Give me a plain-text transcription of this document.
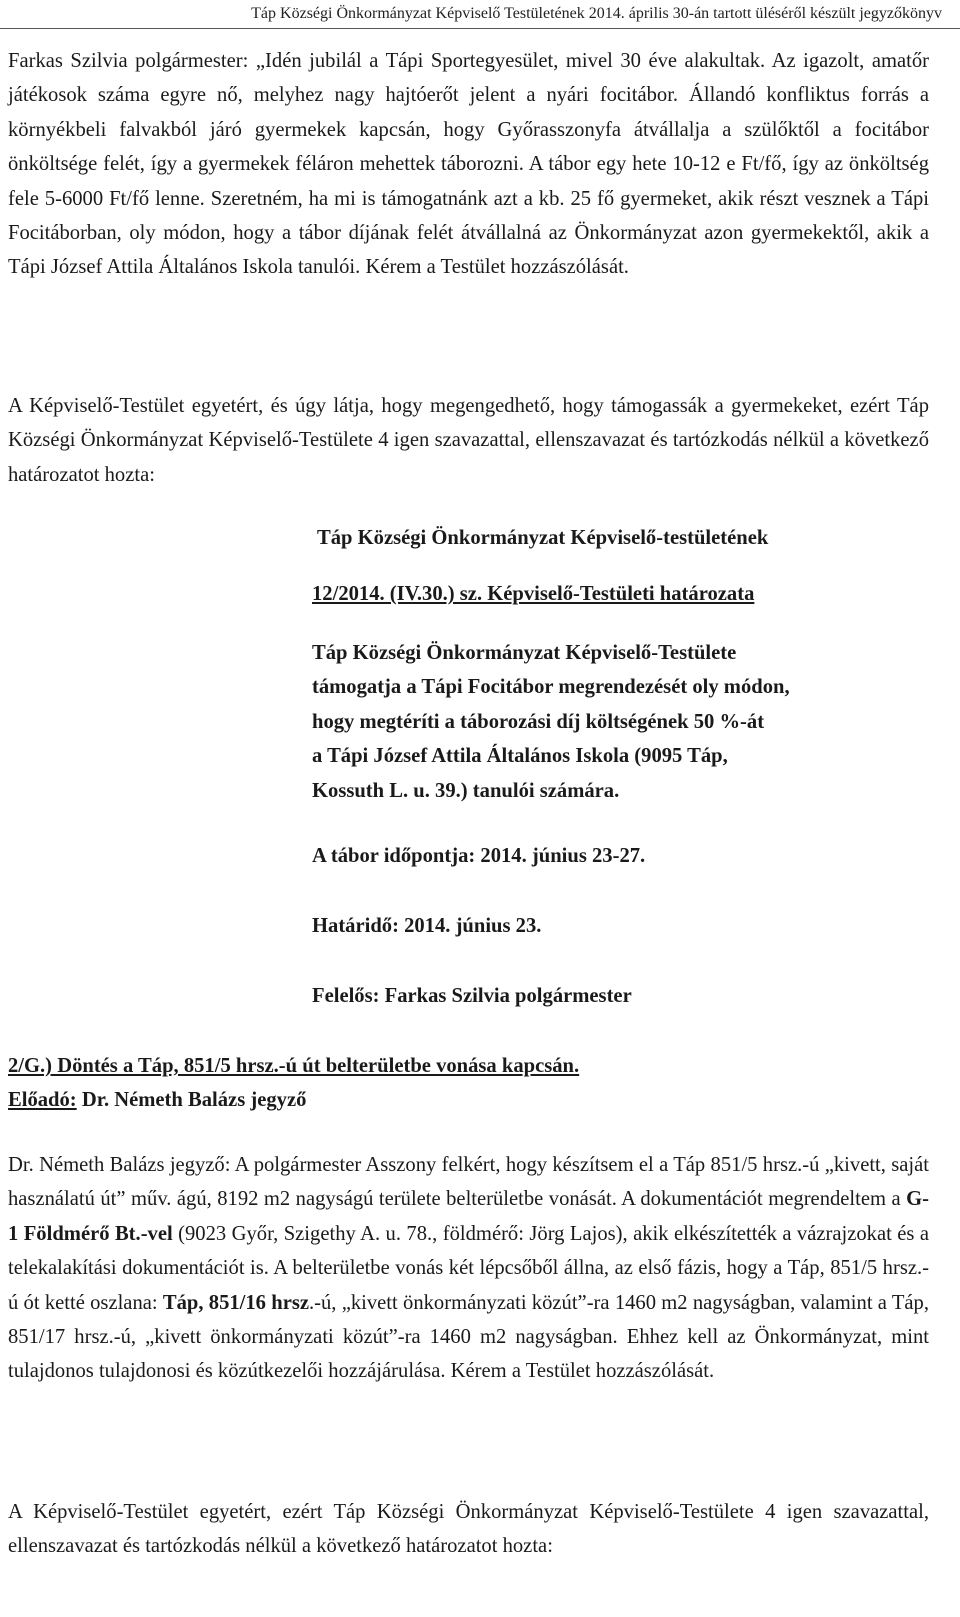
Táp Községi Önkormányzat Képviselő Testületének 2014. április 30-án tartott üléséről készült jegyzőkönyv
Farkas Szilvia polgármester: „Idén jubilál a Tápi Sportegyesület, mivel 30 éve alakultak. Az igazolt, amatőr játékosok száma egyre nő, melyhez nagy hajtóerőt jelent a nyári focitábor. Állandó konfliktus forrás a környékbeli falvakból járó gyermekek kapcsán, hogy Győrasszonyfa átvállalja a szülőktől a focitábor önköltsége felét, így a gyermekek féláron mehettek táborozni. A tábor egy hete 10-12 e Ft/fő, így az önköltség fele 5-6000 Ft/fő lenne. Szeretném, ha mi is támogatnánk azt a kb. 25 fő gyermeket, akik részt vesznek a Tápi Focitáborban, oly módon, hogy a tábor díjának felét átvállalná az Önkormányzat azon gyermekektől, akik a Tápi József Attila Általános Iskola tanulói. Kérem a Testület hozzászólását.
A Képviselő-Testület egyetért, és úgy látja, hogy megengedhető, hogy támogassák a gyermekeket, ezért Táp Községi Önkormányzat Képviselő-Testülete 4 igen szavazattal, ellenszavazat és tartózkodás nélkül a következő határozatot hozta:
Táp Községi Önkormányzat Képviselő-testületének
12/2014. (IV.30.) sz. Képviselő-Testületi határozata
Táp Községi Önkormányzat Képviselő-Testülete
támogatja a Tápi Focitábor megrendezését oly módon,
hogy megtéríti a táborozási díj költségének 50 %-át
a Tápi József Attila Általános Iskola (9095 Táp,
Kossuth L. u. 39.) tanulói számára.
A tábor időpontja: 2014. június 23-27.
Határidő: 2014. június 23.
Felelős: Farkas Szilvia polgármester
2/G.) Döntés a Táp, 851/5 hrsz.-ú út belterületbe vonása kapcsán.
Előadó: Dr. Németh Balázs jegyző
Dr. Németh Balázs jegyző: A polgármester Asszony felkért, hogy készítsem el a Táp 851/5 hrsz.-ú „kivett, saját használatú út” műv. ágú, 8192 m2 nagyságú területe belterületbe vonását. A dokumentációt megrendeltem a G-1 Földmérő Bt.-vel (9023 Győr, Szigethy A. u. 78., földmérő: Jörg Lajos), akik elkészítették a vázrajzokat és a telekalakítási dokumentációt is. A belterületbe vonás két lépcsőből állna, az első fázis, hogy a Táp, 851/5 hrsz.-ú ót ketté oszlana: Táp, 851/16 hrsz.-ú, „kivett önkormányzati közút”-ra 1460 m2 nagyságban, valamint a Táp, 851/17 hrsz.-ú, „kivett önkormányzati közút”-ra 1460 m2 nagyságban. Ehhez kell az Önkormányzat, mint tulajdonos tulajdonosi és közútkezelői hozzájárulása. Kérem a Testület hozzászólását.
A Képviselő-Testület egyetért, ezért Táp Községi Önkormányzat Képviselő-Testülete 4 igen szavazattal, ellenszavazat és tartózkodás nélkül a következő határozatot hozta:
